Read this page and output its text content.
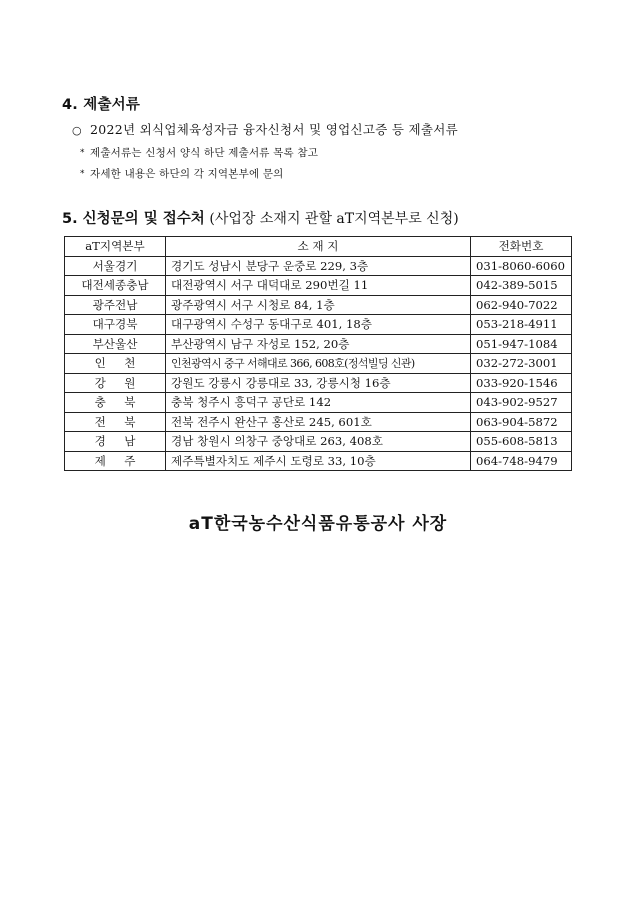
4. 제출서류
○ 2022년 외식업체육성자금 융자신청서 및 영업신고증 등 제출서류
* 제출서류는 신청서 양식 하단 제출서류 목록 참고
* 자세한 내용은 하단의 각 지역본부에 문의
5. 신청문의 및 접수처 (사업장 소재지 관할 aT지역본부로 신청)
aT지역본부	소 재 지	전화번호
서울경기	경기도 성남시 분당구 운중로 229, 3층	031-8060-6060
대전세종충남	대전광역시 서구 대덕대로 290번길 11	042-389-5015
광주전남	광주광역시 서구 시청로 84, 1층	062-940-7022
대구경북	대구광역시 수성구 동대구로 401, 18층	053-218-4911
부산울산	부산광역시 남구 자성로 152, 20층	051-947-1084
인     천	인천광역시 중구 서해대로 366, 608호(정석빌딩 신관)	032-272-3001
강     원	강원도 강릉시 강릉대로 33, 강릉시청 16층	033-920-1546
충     북	충북 청주시 흥덕구 공단로 142	043-902-9527
전     북	전북 전주시 완산구 홍산로 245, 601호	063-904-5872
경     남	경남 창원시 의창구 중앙대로 263, 408호	055-608-5813
제     주	제주특별자치도 제주시 도령로 33, 10층	064-748-9479
aT한국농수산식품유통공사 사장
